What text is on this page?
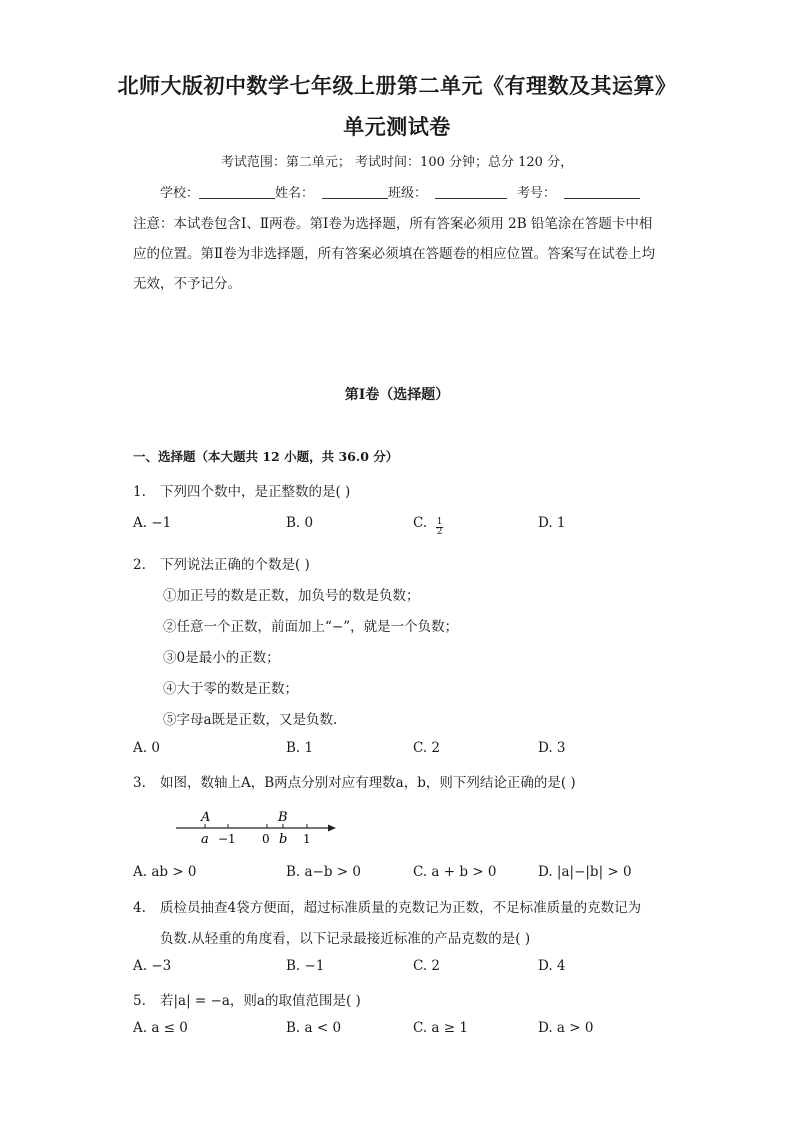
北师大版初中数学七年级上册第二单元《有理数及其运算》
单元测试卷
考试范围：第二单元； 考试时间：100 分钟；总分 120 分，
学校：	姓名：	班级：	考号：
注意：本试卷包含Ⅰ、Ⅱ两卷。第Ⅰ卷为选择题，所有答案必须用 2B 铅笔涂在答题卡中相应的位置。第Ⅱ卷为非选择题，所有答案必须填在答题卷的相应位置。答案写在试卷上均无效，不予记分。
第Ⅰ卷（选择题）
一、选择题（本大题共 12 小题，共 36.0 分）
1. 下列四个数中，是正整数的是( )
A. −1	B. 0	C. $\frac{1}{2}$	D. 1
2. 下列说法正确的个数是( )
①加正号的数是正数，加负号的数是负数；
②任意一个正数，前面加上“−”，就是一个负数；
③0是最小的正数；
④大于零的数是正数；
⑤字母a既是正数，又是负数.
A. 0	B. 1	C. 2	D. 3
3. 如图，数轴上A，B两点分别对应有理数a，b，则下列结论正确的是( )
A
a −1 0
B
b 1
A. ab > 0	B. a−b > 0	C. a + b > 0	D. |a|−|b| > 0
4. 质检员抽查4袋方便面，超过标准质量的克数记为正数，不足标准质量的克数记为
负数.从轻重的角度看，以下记录最接近标准的产品克数的是( )
A. −3	B. −1	C. 2	D. 4
5. 若|a| = −a，则a的取值范围是( )
A. a ≤ 0	B. a < 0	C. a ≥ 1	D. a > 0
